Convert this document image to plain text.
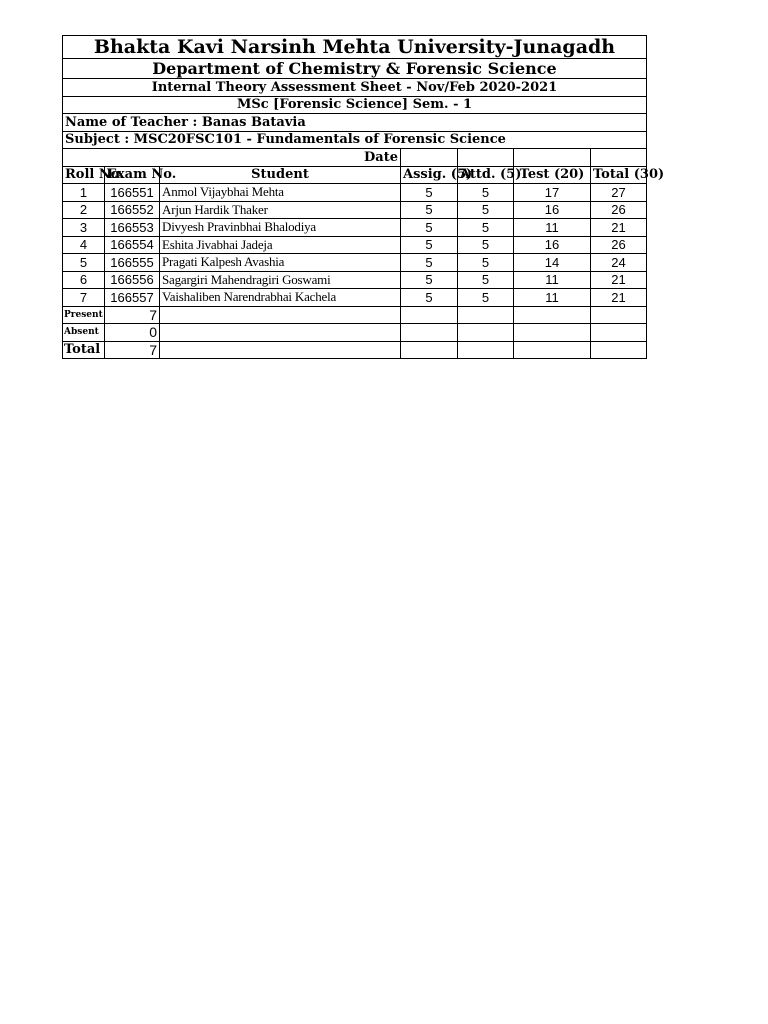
Bhakta Kavi Narsinh Mehta University-Junagadh						
Department of Chemistry & Forensic Science						
Internal Theory Assessment Sheet - Nov/Feb 2020-2021						
MSc [Forensic Science] Sem. - 1						
Name of Teacher : Banas Batavia						
Subject : MSC20FSC101 - Fundamentals of Forensic Science						
Date						
Roll No.	Exam No.	Student	Assig. (5)	Attd. (5)	Test (20)	Total (30)
1	166551	Anmol Vijaybhai Mehta	5	5	17	27
2	166552	Arjun Hardik Thaker	5	5	16	26
3	166553	Divyesh Pravinbhai Bhalodiya	5	5	11	21
4	166554	Eshita Jivabhai Jadeja	5	5	16	26
5	166555	Pragati Kalpesh Avashia	5	5	14	24
6	166556	Sagargiri Mahendragiri Goswami	5	5	11	21
7	166557	Vaishaliben Narendrabhai Kachela	5	5	11	21
Present	7					
Absent	0					
Total	7					
